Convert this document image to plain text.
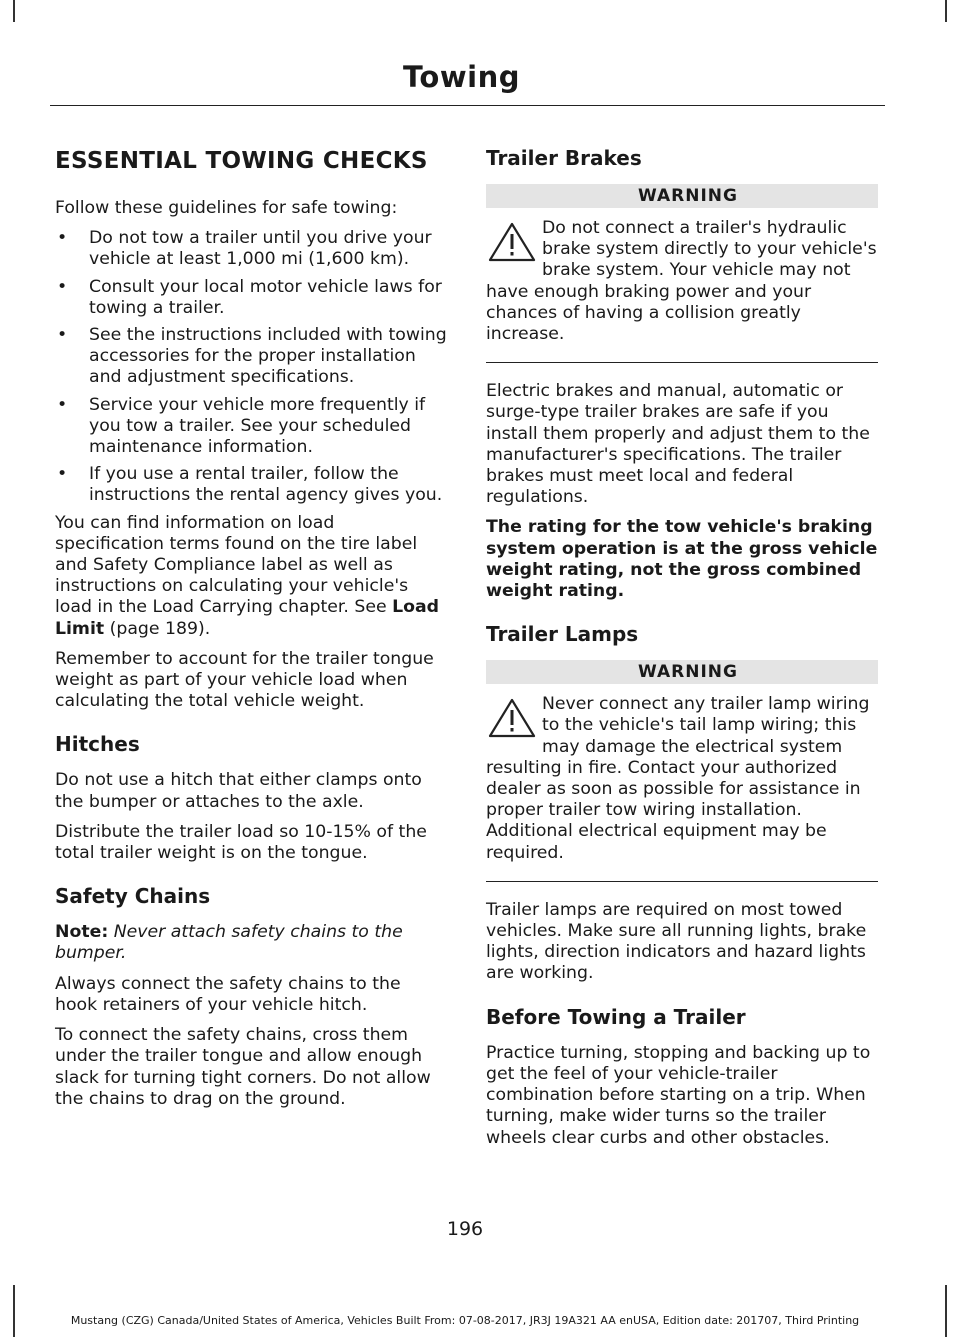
Towing
ESSENTIAL TOWING CHECKS

Follow these guidelines for safe towing:

• Do not tow a trailer until you drive your vehicle at least 1,000 mi (1,600 km).
• Consult your local motor vehicle laws for towing a trailer.
• See the instructions included with towing accessories for the proper installation and adjustment specifications.
• Service your vehicle more frequently if you tow a trailer. See your scheduled maintenance information.
• If you use a rental trailer, follow the instructions the rental agency gives you.

You can find information on load specification terms found on the tire label and Safety Compliance label as well as instructions on calculating your vehicle's load in the Load Carrying chapter. See Load Limit (page 189).

Remember to account for the trailer tongue weight as part of your vehicle load when calculating the total vehicle weight.

Hitches

Do not use a hitch that either clamps onto the bumper or attaches to the axle.

Distribute the trailer load so 10-15% of the total trailer weight is on the tongue.

Safety Chains

Note: Never attach safety chains to the bumper.

Always connect the safety chains to the hook retainers of your vehicle hitch.

To connect the safety chains, cross them under the trailer tongue and allow enough slack for turning tight corners. Do not allow the chains to drag on the ground.

Trailer Brakes
WARNING
Do not connect a trailer's hydraulic brake system directly to your vehicle's brake system. Your vehicle may not have enough braking power and your chances of having a collision greatly increase.

Electric brakes and manual, automatic or surge-type trailer brakes are safe if you install them properly and adjust them to the manufacturer's specifications. The trailer brakes must meet local and federal regulations.

The rating for the tow vehicle's braking system operation is at the gross vehicle weight rating, not the gross combined weight rating.

Trailer Lamps
WARNING
Never connect any trailer lamp wiring to the vehicle's tail lamp wiring; this may damage the electrical system resulting in fire. Contact your authorized dealer as soon as possible for assistance in proper trailer tow wiring installation. Additional electrical equipment may be required.

Trailer lamps are required on most towed vehicles. Make sure all running lights, brake lights, direction indicators and hazard lights are working.

Before Towing a Trailer

Practice turning, stopping and backing up to get the feel of your vehicle-trailer combination before starting on a trip. When turning, make wider turns so the trailer wheels clear curbs and other obstacles.

196
Mustang (CZG) Canada/United States of America, Vehicles Built From: 07-08-2017, JR3J 19A321 AA enUSA, Edition date: 201707, Third Printing
